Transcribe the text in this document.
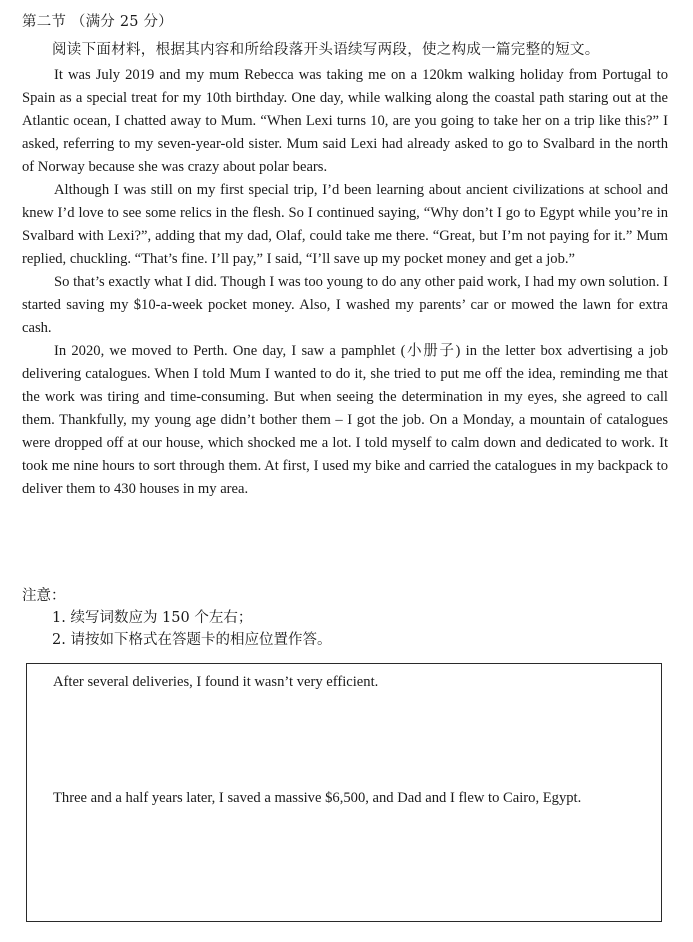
第二节 （满分 25 分）
阅读下面材料，根据其内容和所给段落开头语续写两段，使之构成一篇完整的短文。

It was July 2019 and my mum Rebecca was taking me on a 120km walking holiday from Portugal to Spain as a special treat for my 10th birthday. One day, while walking along the coastal path staring out at the Atlantic ocean, I chatted away to Mum. “When Lexi turns 10, are you going to take her on a trip like this?” I asked, referring to my seven-year-old sister. Mum said Lexi had already asked to go to Svalbard in the north of Norway because she was crazy about polar bears.

Although I was still on my first special trip, I’d been learning about ancient civilizations at school and knew I’d love to see some relics in the flesh. So I continued saying, “Why don’t I go to Egypt while you’re in Svalbard with Lexi?”, adding that my dad, Olaf, could take me there. “Great, but I’m not paying for it.” Mum replied, chuckling. “That’s fine. I’ll pay,” I said, “I’ll save up my pocket money and get a job.”

So that’s exactly what I did. Though I was too young to do any other paid work, I had my own solution. I started saving my $10-a-week pocket money. Also, I washed my parents’ car or mowed the lawn for extra cash.

In 2020, we moved to Perth. One day, I saw a pamphlet (小册子) in the letter box advertising a job delivering catalogues. When I told Mum I wanted to do it, she tried to put me off the idea, reminding me that the work was tiring and time-consuming. But when seeing the determination in my eyes, she agreed to call them. Thankfully, my young age didn’t bother them – I got the job. On a Monday, a mountain of catalogues were dropped off at our house, which shocked me a lot. I told myself to calm down and dedicated to work. It took me nine hours to sort through them. At first, I used my bike and carried the catalogues in my backpack to deliver them to 430 houses in my area.

注意：
1. 续写词数应为 150 个左右；
2. 请按如下格式在答题卡的相应位置作答。
After several deliveries, I found it wasn’t very efficient.
Three and a half years later, I saved a massive $6,500, and Dad and I flew to Cairo, Egypt.
